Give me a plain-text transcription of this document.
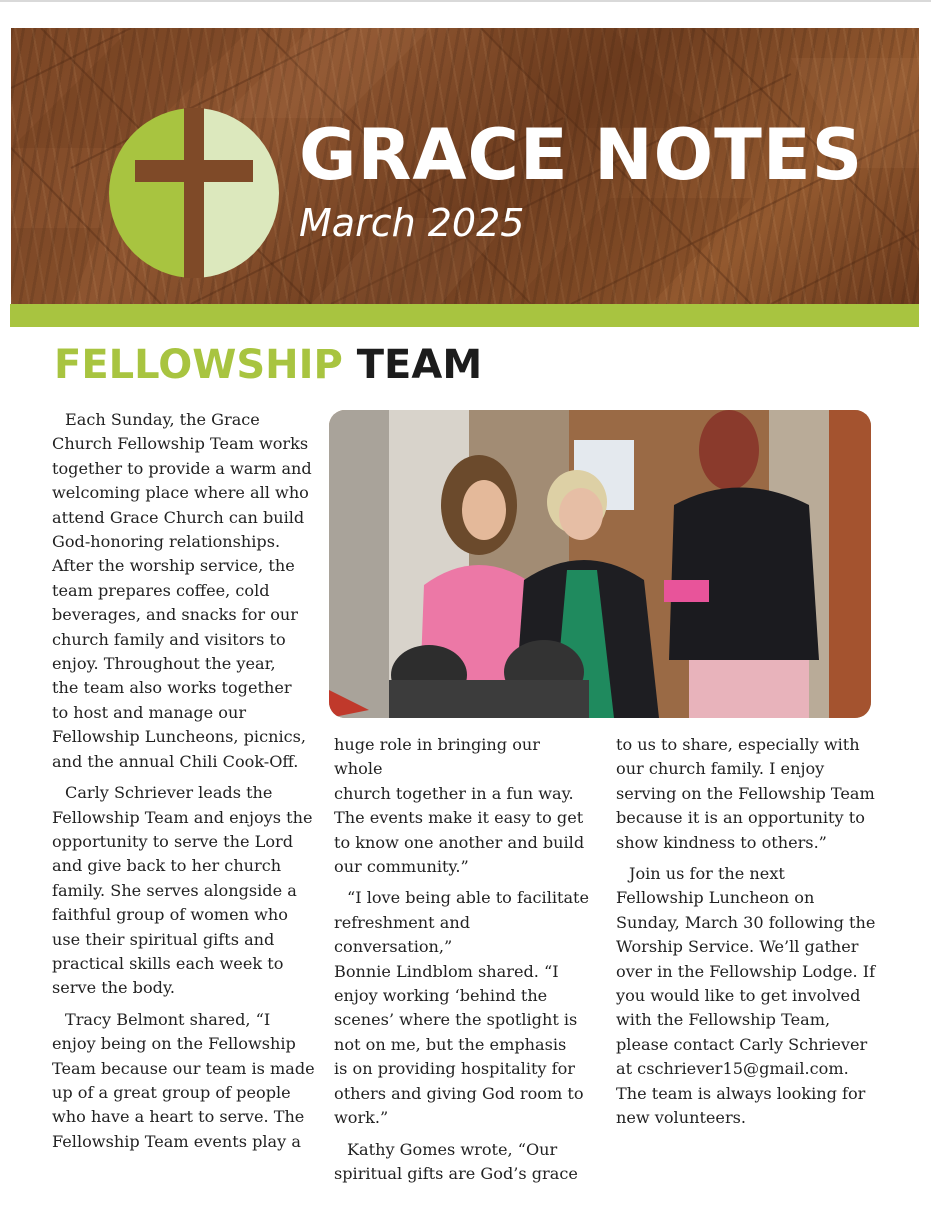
GRACE NOTES
March 2025
FELLOWSHIP TEAM

Each Sunday, the Grace
Church Fellowship Team works
together to provide a warm and
welcoming place where all who
attend Grace Church can build
God-honoring relationships.
After the worship service, the
team prepares coffee, cold
beverages, and snacks for our
church family and visitors to
enjoy. Throughout the year,
the team also works together
to host and manage our
Fellowship Luncheons, picnics,
and the annual Chili Cook-Off.

Carly Schriever leads the
Fellowship Team and enjoys the
opportunity to serve the Lord
and give back to her church
family. She serves alongside a
faithful group of women who
use their spiritual gifts and
practical skills each week to
serve the body.

Tracy Belmont shared, “I
enjoy being on the Fellowship
Team because our team is made
up of a great group of people
who have a heart to serve. The
Fellowship Team events play a

huge role in bringing our whole
church together in a fun way.
The events make it easy to get
to know one another and build
our community.”

“I love being able to facilitate
refreshment and conversation,”
Bonnie Lindblom shared. “I
enjoy working ‘behind the
scenes’ where the spotlight is
not on me, but the emphasis
is on providing hospitality for
others and giving God room to
work.”

Kathy Gomes wrote, “Our
spiritual gifts are God’s grace

to us to share, especially with
our church family. I enjoy
serving on the Fellowship Team
because it is an opportunity to
show kindness to others.”

Join us for the next
Fellowship Luncheon on
Sunday, March 30 following the
Worship Service. We’ll gather
over in the Fellowship Lodge. If
you would like to get involved
with the Fellowship Team,
please contact Carly Schriever
at cschriever15@gmail.com.
The team is always looking for
new volunteers.
